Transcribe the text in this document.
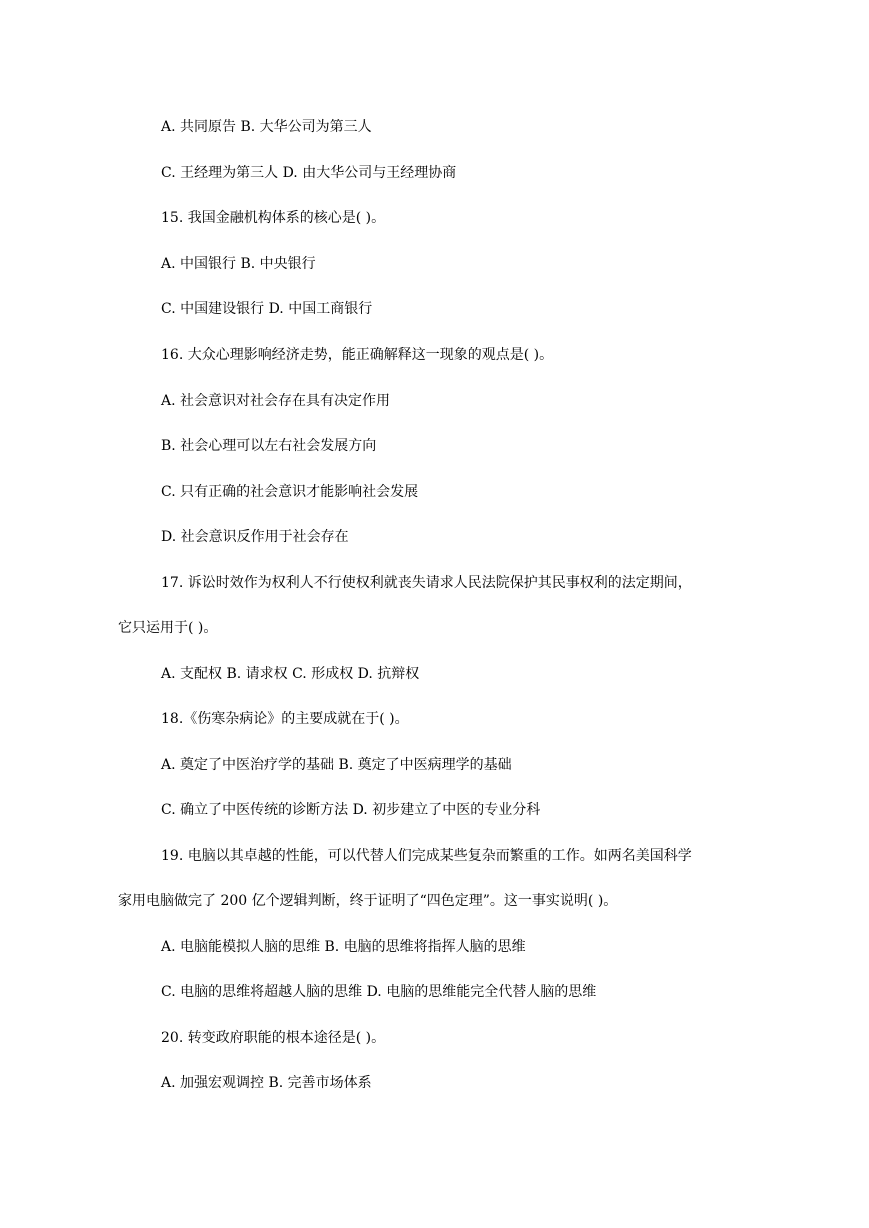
A. 共同原告 B. 大华公司为第三人
C. 王经理为第三人 D. 由大华公司与王经理协商
15. 我国金融机构体系的核心是( )。
A. 中国银行 B. 中央银行
C. 中国建设银行 D. 中国工商银行
16. 大众心理影响经济走势，能正确解释这一现象的观点是( )。
A. 社会意识对社会存在具有决定作用
B. 社会心理可以左右社会发展方向
C. 只有正确的社会意识才能影响社会发展
D. 社会意识反作用于社会存在
17. 诉讼时效作为权利人不行使权利就丧失请求人民法院保护其民事权利的法定期间，
它只运用于( )。
A. 支配权 B. 请求权 C. 形成权 D. 抗辩权
18.《伤寒杂病论》的主要成就在于( )。
A. 奠定了中医治疗学的基础 B. 奠定了中医病理学的基础
C. 确立了中医传统的诊断方法 D. 初步建立了中医的专业分科
19. 电脑以其卓越的性能，可以代替人们完成某些复杂而繁重的工作。如两名美国科学
家用电脑做完了 200 亿个逻辑判断，终于证明了“四色定理”。这一事实说明( )。
A. 电脑能模拟人脑的思维 B. 电脑的思维将指挥人脑的思维
C. 电脑的思维将超越人脑的思维 D. 电脑的思维能完全代替人脑的思维
20. 转变政府职能的根本途径是( )。
A. 加强宏观调控 B. 完善市场体系
